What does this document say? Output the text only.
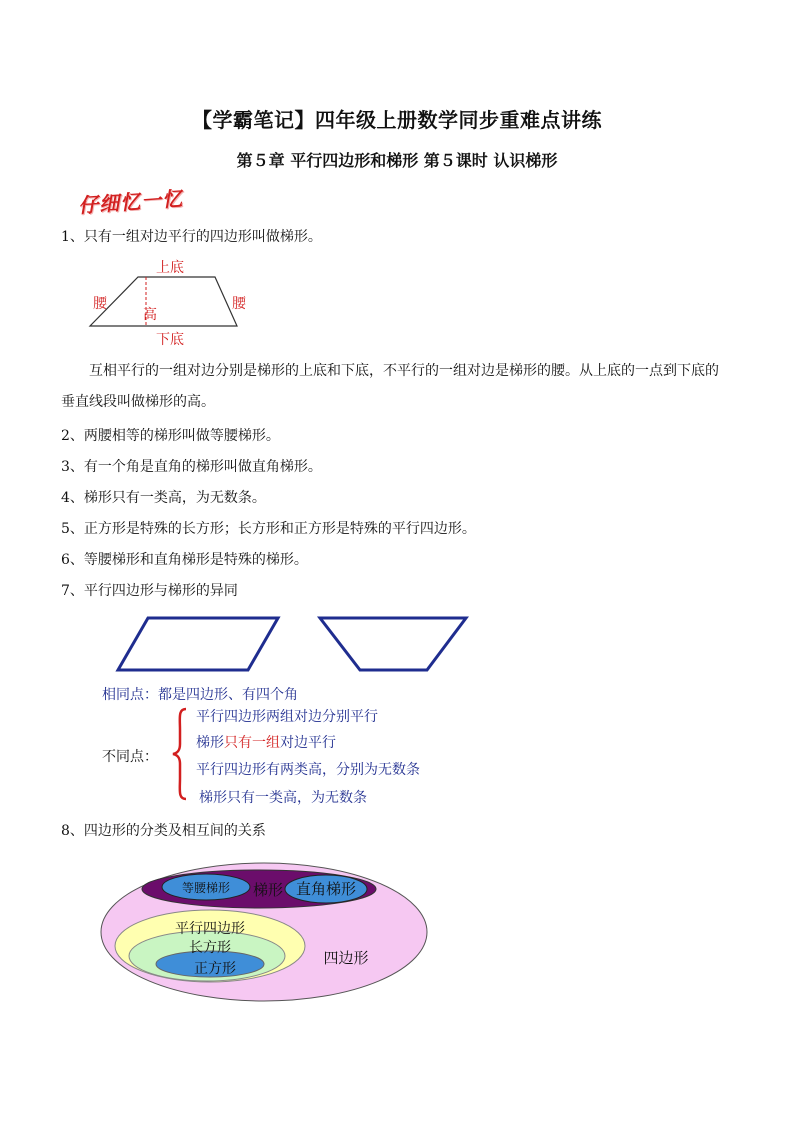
【学霸笔记】四年级上册数学同步重难点讲练
第５章 平行四边形和梯形 第５课时 认识梯形
仔细忆一忆
1、只有一组对边平行的四边形叫做梯形。
上底
下底
腰	腰
高
互相平行的一组对边分别是梯形的上底和下底，不平行的一组对边是梯形的腰。从上底的一点到下底的垂直线段叫做梯形的高。
2、两腰相等的梯形叫做等腰梯形。
3、有一个角是直角的梯形叫做直角梯形。
4、梯形只有一类高，为无数条。
5、正方形是特殊的长方形；长方形和正方形是特殊的平行四边形。
6、等腰梯形和直角梯形是特殊的梯形。
7、平行四边形与梯形的异同
相同点：都是四边形、有四个角
不同点：
平行四边形两组对边分别平行
梯形只有一组对边平行
平行四边形有两类高，分别为无数条
梯形只有一类高，为无数条
8、四边形的分类及相互间的关系
等腰梯形 梯形 直角梯形
平行四边形
长方形
正方形
四边形
